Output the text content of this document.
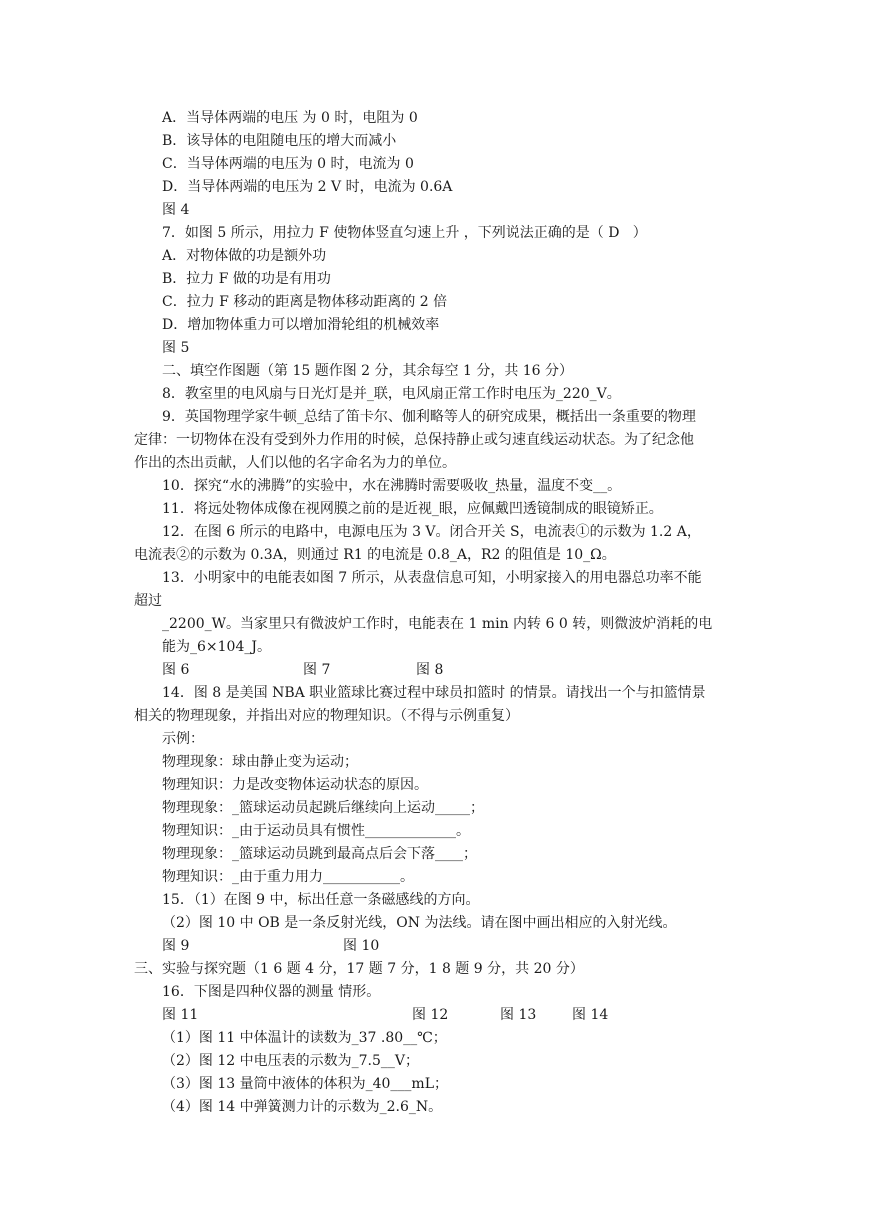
A．当导体两端的电压 为 0 时，电阻为 0
B．该导体的电阻随电压的增大而减小
C．当导体两端的电压为 0 时，电流为 0
D．当导体两端的电压为 2 V 时，电流为 0.6A
图 4
7．如图 5 所示，用拉力 F 使物体竖直匀速上升 ，下列说法正确的是（ D   ）
A．对物体做的功是额外功
B．拉力 F 做的功是有用功
C．拉力 F 移动的距离是物体移动距离的 2 倍
D．增加物体重力可以增加滑轮组的机械效率
图 5
二、填空作图题（第 15 题作图 2 分，其余每空 1 分，共 16 分）
8．教室里的电风扇与日光灯是并_联，电风扇正常工作时电压为_220_V。
9．英国物理学家牛顿_总结了笛卡尔、伽利略等人的研究成果，概括出一条重要的物理
定律：一切物体在没有受到外力作用的时候，总保持静止或匀速直线运动状态。为了纪念他
作出的杰出贡献，人们以他的名字命名为力的单位。
10．探究“水的沸腾”的实验中，水在沸腾时需要吸收_热量，温度不变__。
11．将远处物体成像在视网膜之前的是近视_眼，应佩戴凹透镜制成的眼镜矫正。
12．在图 6 所示的电路中，电源电压为 3 V。闭合开关 S，电流表①的示数为 1.2 A，
电流表②的示数为 0.3A，则通过 R1 的电流是 0.8_A，R2 的阻值是 10_Ω。
13．小明家中的电能表如图 7 所示，从表盘信息可知，小明家接入的用电器总功率不能
超过
_2200_W。当家里只有微波炉工作时，电能表在 1 min 内转 6 0 转，则微波炉消耗的电
能为_6×104_J。
图 6	图 7	图 8
14．图 8 是美国 NBA 职业篮球比赛过程中球员扣篮时 的情景。请找出一个与扣篮情景
相关的物理现象，并指出对应的物理知识。（不得与示例重复）
示例：
物理现象：球由静止变为运动；
物理知识：力是改变物体运动状态的原因。
物理现象：_篮球运动员起跳后继续向上运动_____；
物理知识：_由于运动员具有惯性_____________。
物理现象：_篮球运动员跳到最高点后会下落____；
物理知识：_由于重力用力___________。
15．（1）在图 9 中，标出任意一条磁感线的方向。
（2）图 10 中 OB 是一条反射光线，ON 为法线。请在图中画出相应的入射光线。
图 9	图 10
三、实验与探究题（1 6 题 4 分，17 题 7 分，1 8 题 9 分，共 20 分）
16．下图是四种仪器的测量 情形。
图 11	图 12	图 13	图 14
（1）图 11 中体温计的读数为_37 .80__℃；
（2）图 12 中电压表的示数为_7.5__V；
（3）图 13 量筒中液体的体积为_40___mL；
（4）图 14 中弹簧测力计的示数为_2.6_N。
